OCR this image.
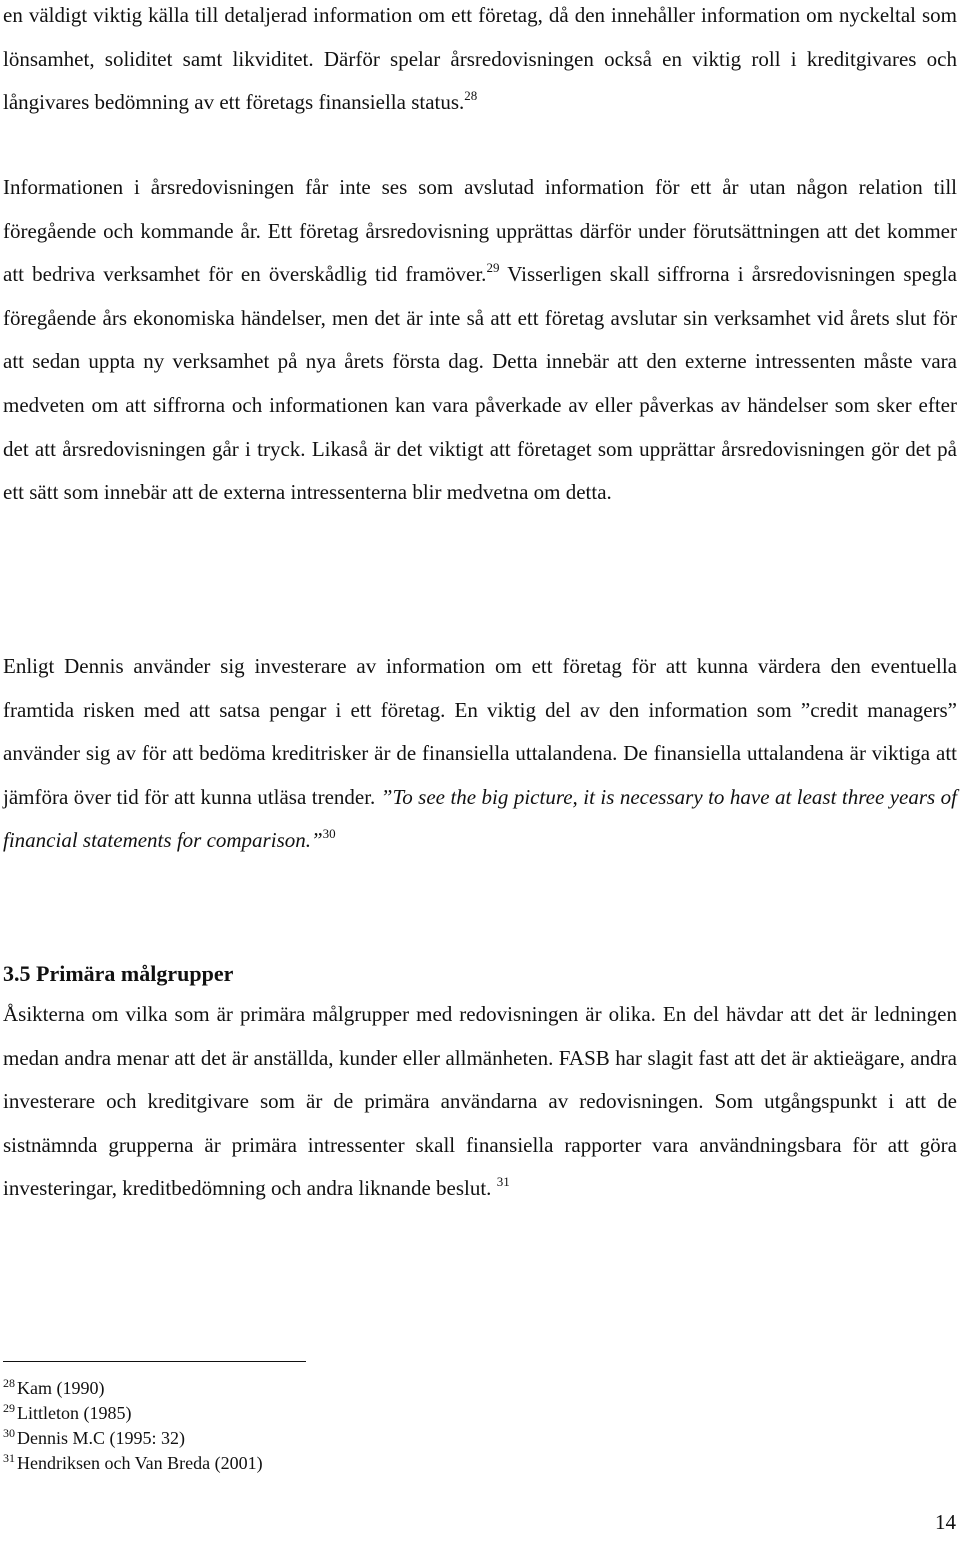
en väldigt viktig källa till detaljerad information om ett företag, då den innehåller information om nyckeltal som lönsamhet, soliditet samt likviditet. Därför spelar årsredovisningen också en viktig roll i kreditgivares och långivares bedömning av ett företags finansiella status.$^{28}$

Informationen i årsredovisningen får inte ses som avslutad information för ett år utan någon relation till föregående och kommande år. Ett företag årsredovisning upprättas därför under förutsättningen att det kommer att bedriva verksamhet för en överskådlig tid framöver.$^{29}$ Visserligen skall siffrorna i årsredovisningen spegla föregående års ekonomiska händelser, men det är inte så att ett företag avslutar sin verksamhet vid årets slut för att sedan uppta ny verksamhet på nya årets första dag. Detta innebär att den externe intressenten måste vara medveten om att siffrorna och informationen kan vara påverkade av eller påverkas av händelser som sker efter det att årsredovisningen går i tryck. Likaså är det viktigt att företaget som upprättar årsredovisningen gör det på ett sätt som innebär att de externa intressenterna blir medvetna om detta.

Enligt Dennis använder sig investerare av information om ett företag för att kunna värdera den eventuella framtida risken med att satsa pengar i ett företag. En viktig del av den information som ”credit managers” använder sig av för att bedöma kreditrisker är de finansiella uttalandena. De finansiella uttalandena är viktiga att jämföra över tid för att kunna utläsa trender. ”To see the big picture, it is necessary to have at least three years of financial statements for comparison.”$^{30}$

3.5 Primära målgrupper

Åsikterna om vilka som är primära målgrupper med redovisningen är olika. En del hävdar att det är ledningen medan andra menar att det är anställda, kunder eller allmänheten. FASB har slagit fast att det är aktieägare, andra investerare och kreditgivare som är de primära användarna av redovisningen. Som utgångspunkt i att de sistnämnda grupperna är primära intressenter skall finansiella rapporter vara användningsbara för att göra investeringar, kreditbedömning och andra liknande beslut. $^{31}$

$^{28}$ Kam (1990)
$^{29}$ Littleton (1985)
$^{30}$ Dennis M.C (1995: 32)
$^{31}$ Hendriksen och Van Breda (2001)
14
